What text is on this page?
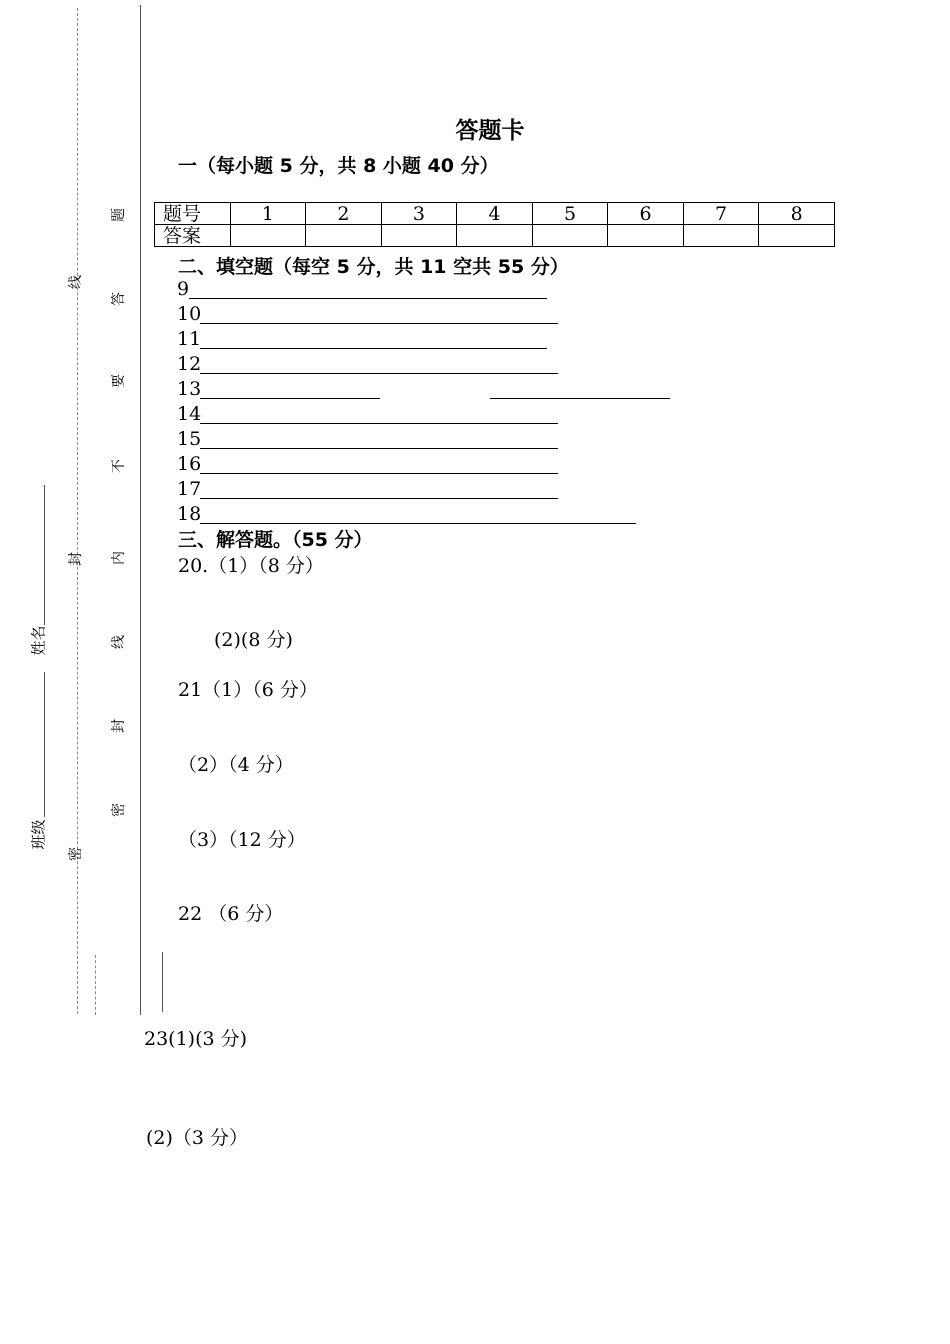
线
封
密
姓名
班级
题
答
要
不
内
线
封
密
答题卡
一（每小题 5 分，共 8 小题 40 分）
题号	1	2	3	4	5	6	7	8
答案								
二、填空题（每空 5 分，共 11 空共 55 分）
9
10
11
12
13
14
15
16
17
18
三、解答题。（55 分）
20.（1）（8 分）
(2)(8 分)
21（1）（6 分）
（2）（4 分）
（3）（12 分）
22 （6 分）
23(1)(3 分)
(2)（3 分）
